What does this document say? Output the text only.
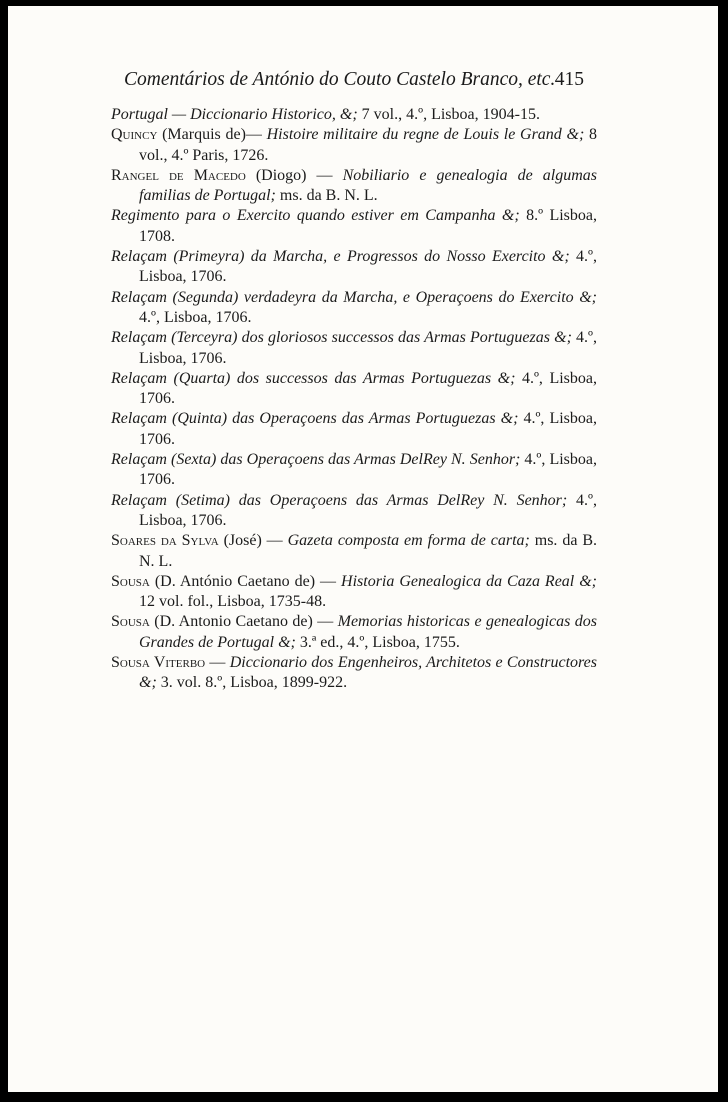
Comentários de António do Couto Castelo Branco, etc. 415
Portugal — Diccionario Historico, &; 7 vol., 4.º, Lisboa, 1904-15.
Quincy (Marquis de)— Histoire militaire du regne de Louis le Grand &; 8 vol., 4.º Paris, 1726.
Rangel de Macedo (Diogo) — Nobiliario e genealogia de algumas familias de Portugal; ms. da B. N. L.
Regimento para o Exercito quando estiver em Campanha &; 8.º Lisboa, 1708.
Relaçam (Primeyra) da Marcha, e Progressos do Nosso Exercito &; 4.º, Lisboa, 1706.
Relaçam (Segunda) verdadeyra da Marcha, e Operaçoens do Exercito &; 4.º, Lisboa, 1706.
Relaçam (Terceyra) dos gloriosos successos das Armas Portuguezas &; 4.º, Lisboa, 1706.
Relaçam (Quarta) dos successos das Armas Portuguezas &; 4.º, Lisboa, 1706.
Relaçam (Quinta) das Operaçoens das Armas Portuguezas &; 4.º, Lisboa, 1706.
Relaçam (Sexta) das Operaçoens das Armas DelRey N. Senhor; 4.º, Lisboa, 1706.
Relaçam (Setima) das Operaçoens das Armas DelRey N. Senhor; 4.º, Lisboa, 1706.
Soares da Sylva (José) — Gazeta composta em forma de carta; ms. da B. N. L.
Sousa (D. António Caetano de) — Historia Genealogica da Caza Real &; 12 vol. fol., Lisboa, 1735-48.
Sousa (D. Antonio Caetano de) — Memorias historicas e genealogicas dos Grandes de Portugal &; 3.ª ed., 4.º, Lisboa, 1755.
Sousa Viterbo — Diccionario dos Engenheiros, Architetos e Constructores &; 3. vol. 8.º, Lisboa, 1899-922.
